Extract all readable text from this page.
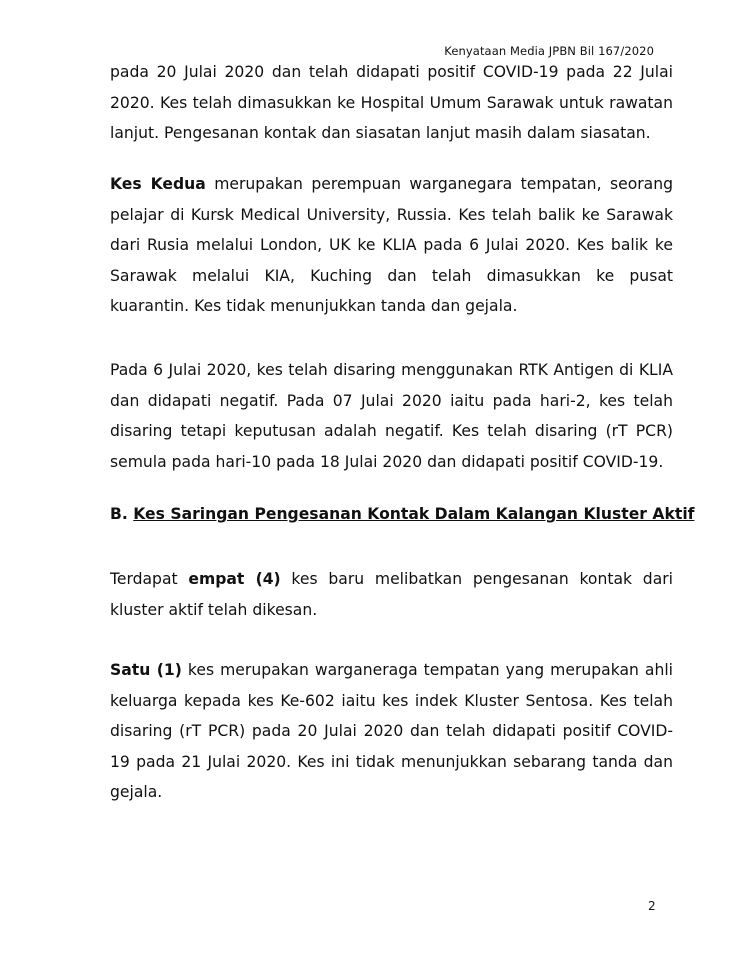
Kenyataan Media JPBN Bil 167/2020

pada 20 Julai 2020 dan telah didapati positif COVID-19 pada 22 Julai 2020. Kes telah dimasukkan ke Hospital Umum Sarawak untuk rawatan lanjut. Pengesanan kontak dan siasatan lanjut masih dalam siasatan.

Kes Kedua merupakan perempuan warganegara tempatan, seorang pelajar di Kursk Medical University, Russia. Kes telah balik ke Sarawak dari Rusia melalui London, UK ke KLIA pada 6 Julai 2020. Kes balik ke Sarawak melalui KIA, Kuching dan telah dimasukkan ke pusat kuarantin. Kes tidak menunjukkan tanda dan gejala.

Pada 6 Julai 2020, kes telah disaring menggunakan RTK Antigen di KLIA dan didapati negatif. Pada 07 Julai 2020 iaitu pada hari-2, kes telah disaring tetapi keputusan adalah negatif. Kes telah disaring (rT PCR) semula pada hari-10 pada 18 Julai 2020 dan didapati positif COVID-19.

B. Kes Saringan Pengesanan Kontak Dalam Kalangan Kluster Aktif

Terdapat empat (4) kes baru melibatkan pengesanan kontak dari kluster aktif telah dikesan.

Satu (1) kes merupakan warganeraga tempatan yang merupakan ahli keluarga kepada kes Ke-602 iaitu kes indek Kluster Sentosa. Kes telah disaring (rT PCR) pada 20 Julai 2020 dan telah didapati positif COVID-19 pada 21 Julai 2020. Kes ini tidak menunjukkan sebarang tanda dan gejala.

2
